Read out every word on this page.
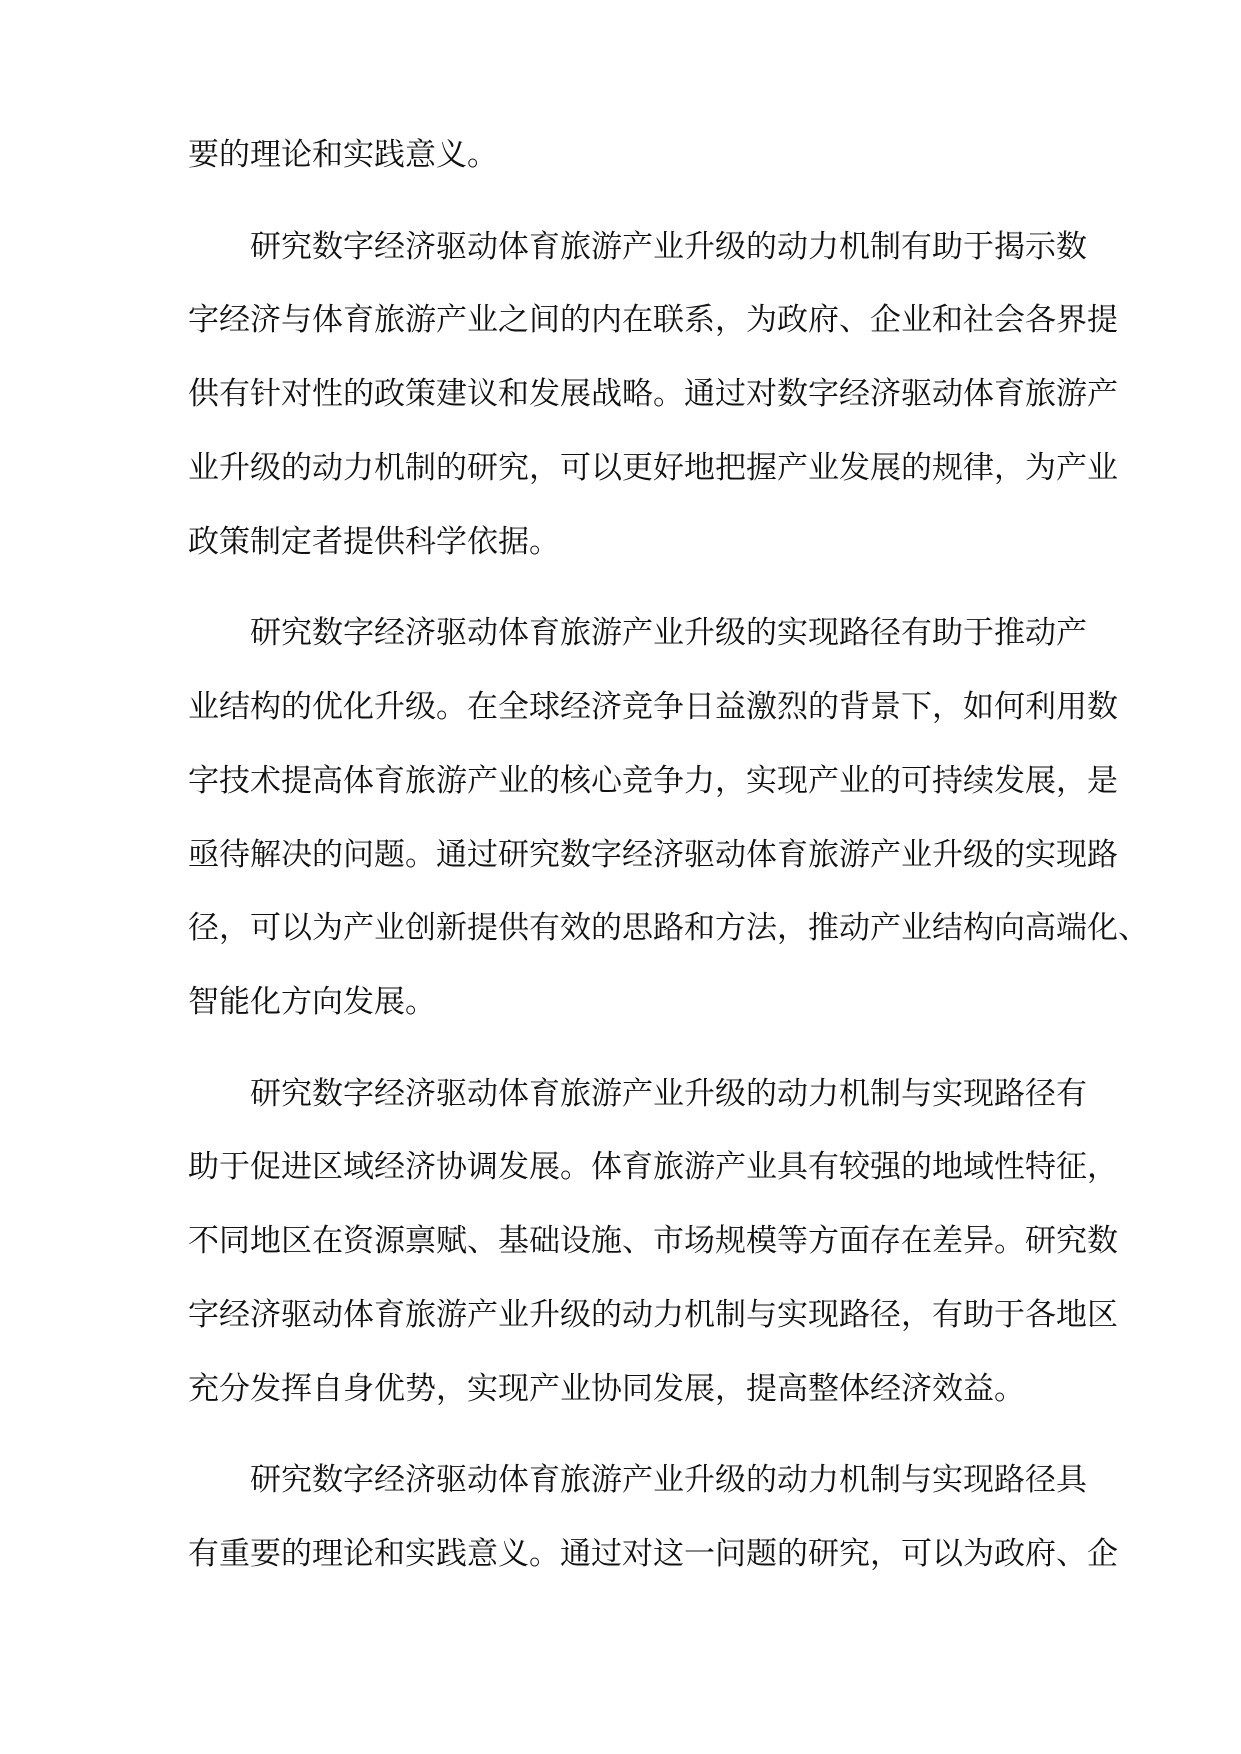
要的理论和实践意义。
研究数字经济驱动体育旅游产业升级的动力机制有助于揭示数
字经济与体育旅游产业之间的内在联系，为政府、企业和社会各界提
供有针对性的政策建议和发展战略。通过对数字经济驱动体育旅游产
业升级的动力机制的研究，可以更好地把握产业发展的规律，为产业
政策制定者提供科学依据。
研究数字经济驱动体育旅游产业升级的实现路径有助于推动产
业结构的优化升级。在全球经济竞争日益激烈的背景下，如何利用数
字技术提高体育旅游产业的核心竞争力，实现产业的可持续发展，是
亟待解决的问题。通过研究数字经济驱动体育旅游产业升级的实现路
径，可以为产业创新提供有效的思路和方法，推动产业结构向高端化、
智能化方向发展。
研究数字经济驱动体育旅游产业升级的动力机制与实现路径有
助于促进区域经济协调发展。体育旅游产业具有较强的地域性特征，
不同地区在资源禀赋、基础设施、市场规模等方面存在差异。研究数
字经济驱动体育旅游产业升级的动力机制与实现路径，有助于各地区
充分发挥自身优势，实现产业协同发展，提高整体经济效益。
研究数字经济驱动体育旅游产业升级的动力机制与实现路径具
有重要的理论和实践意义。通过对这一问题的研究，可以为政府、企
